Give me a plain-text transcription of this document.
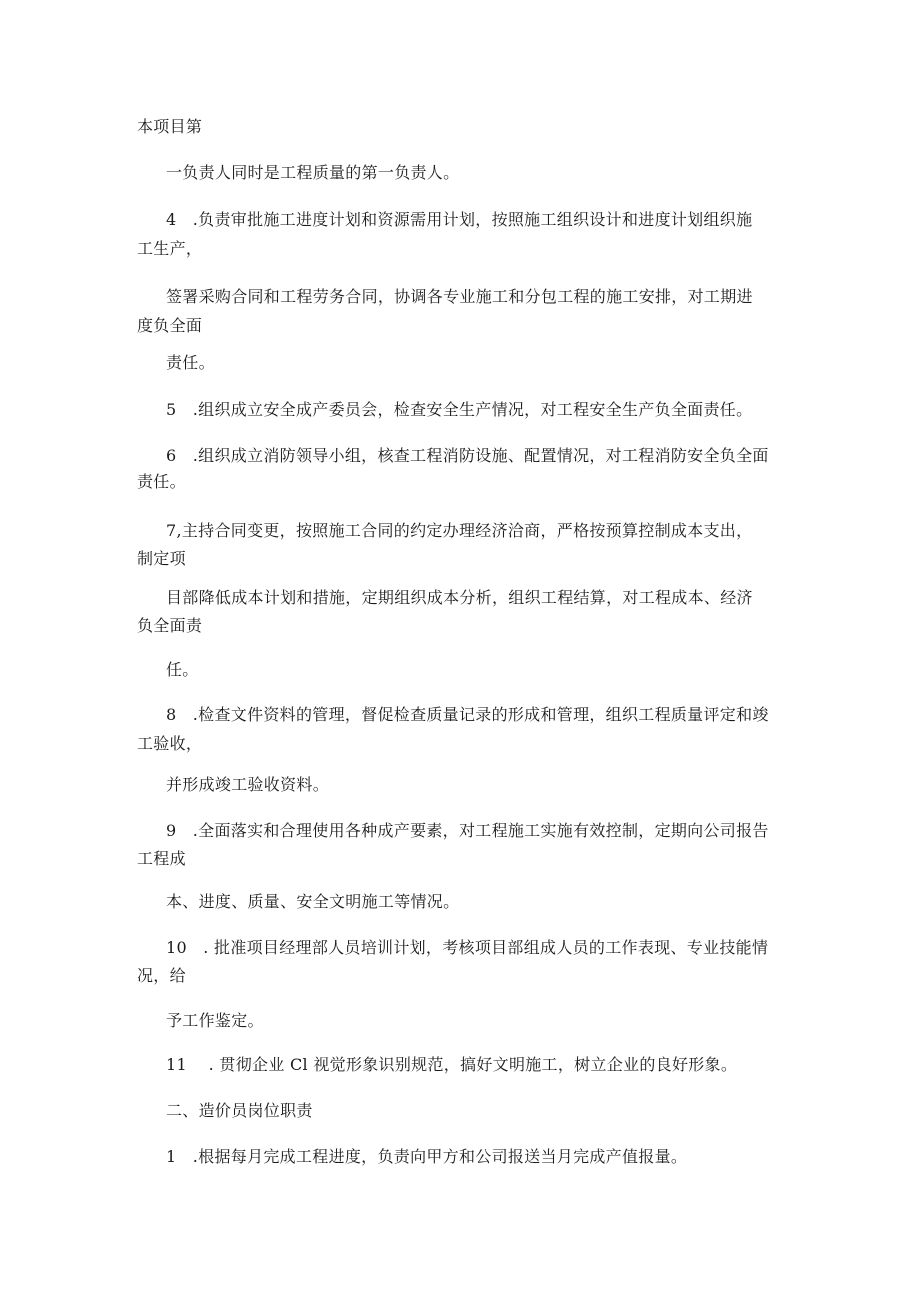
本项目第

一负责人同时是工程质量的第一负责人。

4　.负责审批施工进度计划和资源需用计划，按照施工组织设计和进度计划组织施

工生产，

签署采购合同和工程劳务合同，协调各专业施工和分包工程的施工安排，对工期进

度负全面

责任。

5　.组织成立安全成产委员会，检查安全生产情况，对工程安全生产负全面责任。

6　.组织成立消防领导小组，核查工程消防设施、配置情况，对工程消防安全负全面

责任。

7,主持合同变更，按照施工合同的约定办理经济洽商，严格按预算控制成本支出，

制定项

目部降低成本计划和措施，定期组织成本分析，组织工程结算，对工程成本、经济

负全面责

任。

8　.检查文件资料的管理，督促检查质量记录的形成和管理，组织工程质量评定和竣

工验收，

并形成竣工验收资料。

9　.全面落实和合理使用各种成产要素，对工程施工实施有效控制，定期向公司报告

工程成

本、进度、质量、安全文明施工等情况。

10　. 批准项目经理部人员培训计划，考核项目部组成人员的工作表现、专业技能情

况，给

予工作鉴定。

11　 . 贯彻企业 Cl 视觉形象识别规范，搞好文明施工，树立企业的良好形象。

二、造价员岗位职责

1　.根据每月完成工程进度，负责向甲方和公司报送当月完成产值报量。
